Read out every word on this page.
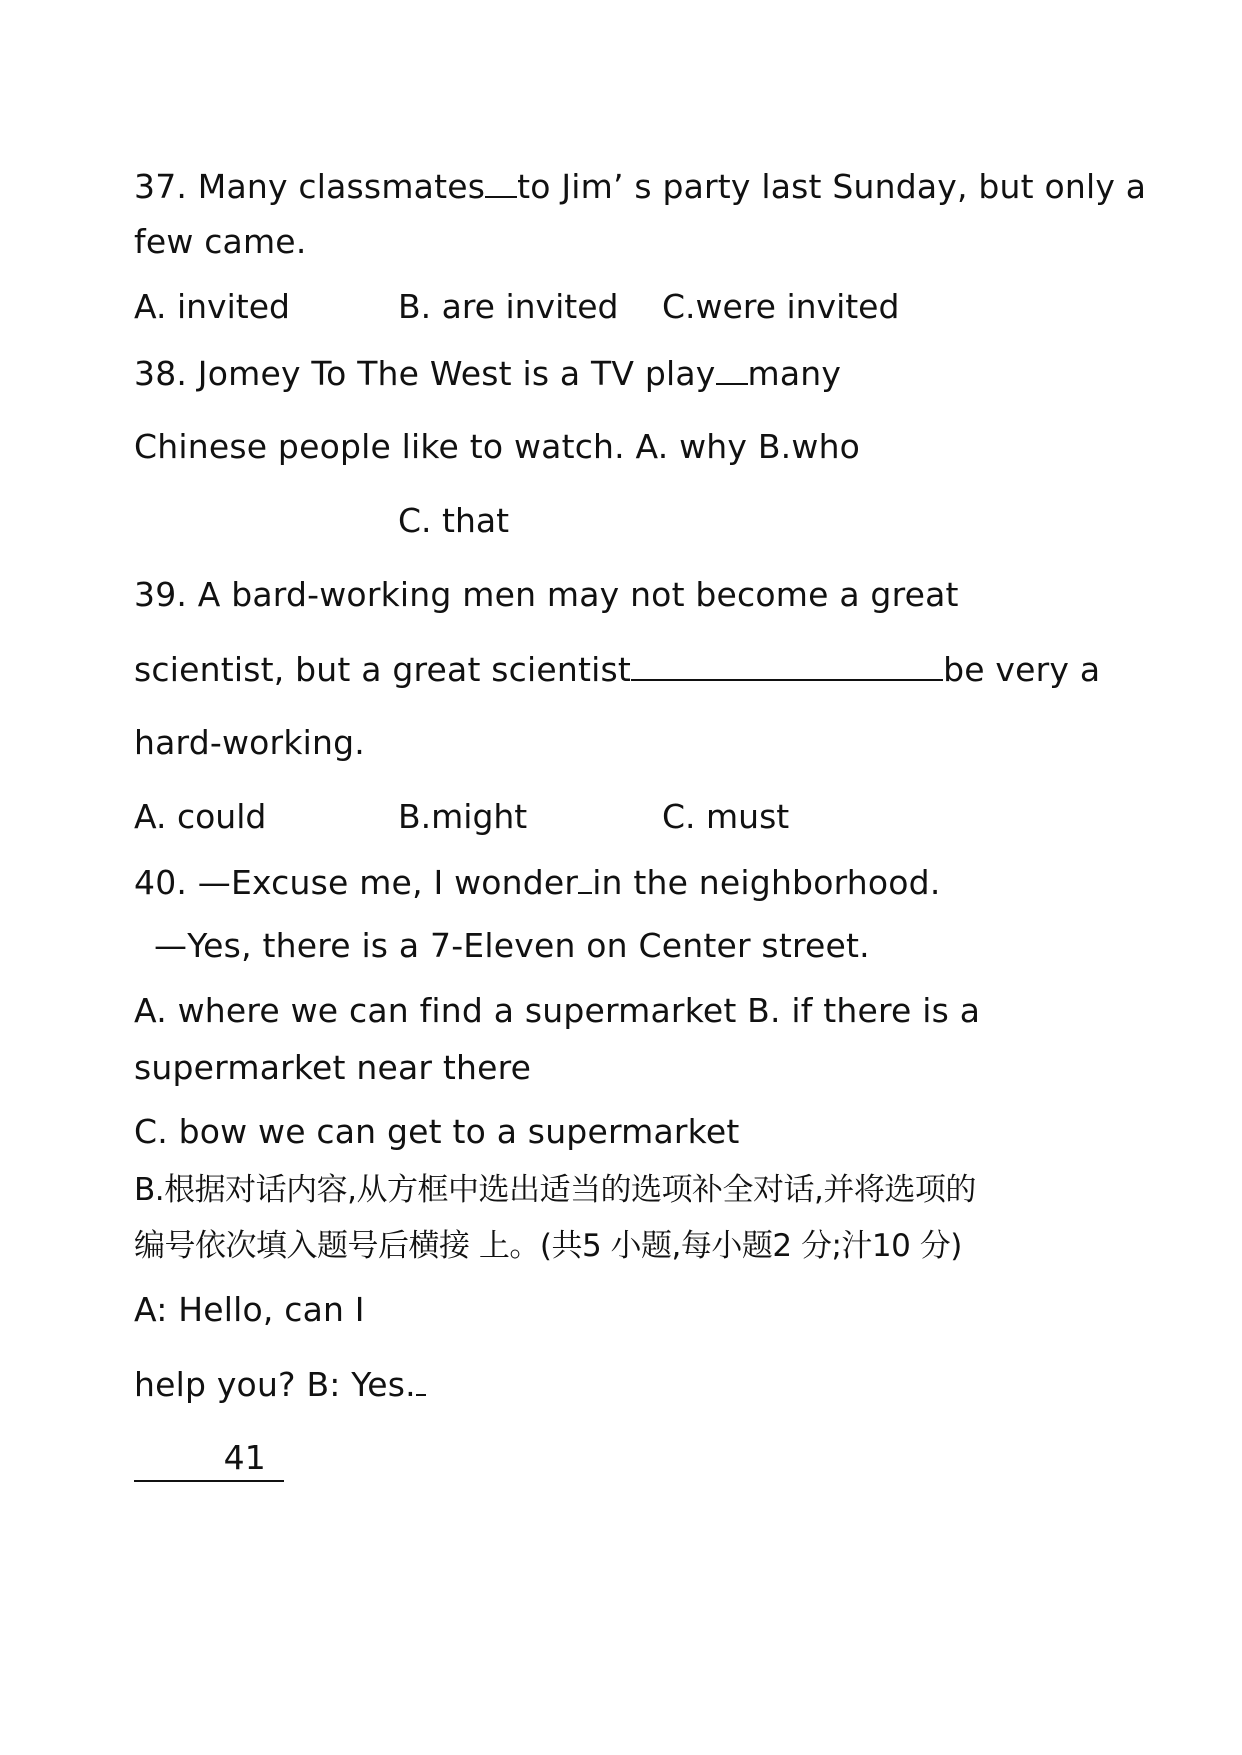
37. Many classmates to Jim’ s party last Sunday, but only a
few came.
A. invited	B. are invited C.were invited
38. Jomey To The West is a TV play many
Chinese people like to watch. A. why B.who
C. that
39. A bard-working men may not become a great
scientist, but a great scientist	be very a
hard-working.
A. could	B.might	C. must
40. —Excuse me, I wonder in the neighborhood.
—Yes, there is a 7-Eleven on Center street.
A. where we can find a supermarket B. if there is a
supermarket near there
C. bow we can get to a supermarket
B.根据对话内容,从方框中选出适当的选项补全对话,并将选项的
编号依次填入题号后横接 上。(共5 小题,每小题2 分;汁10 分)
A: Hello, can I
help you? B: Yes.
41
